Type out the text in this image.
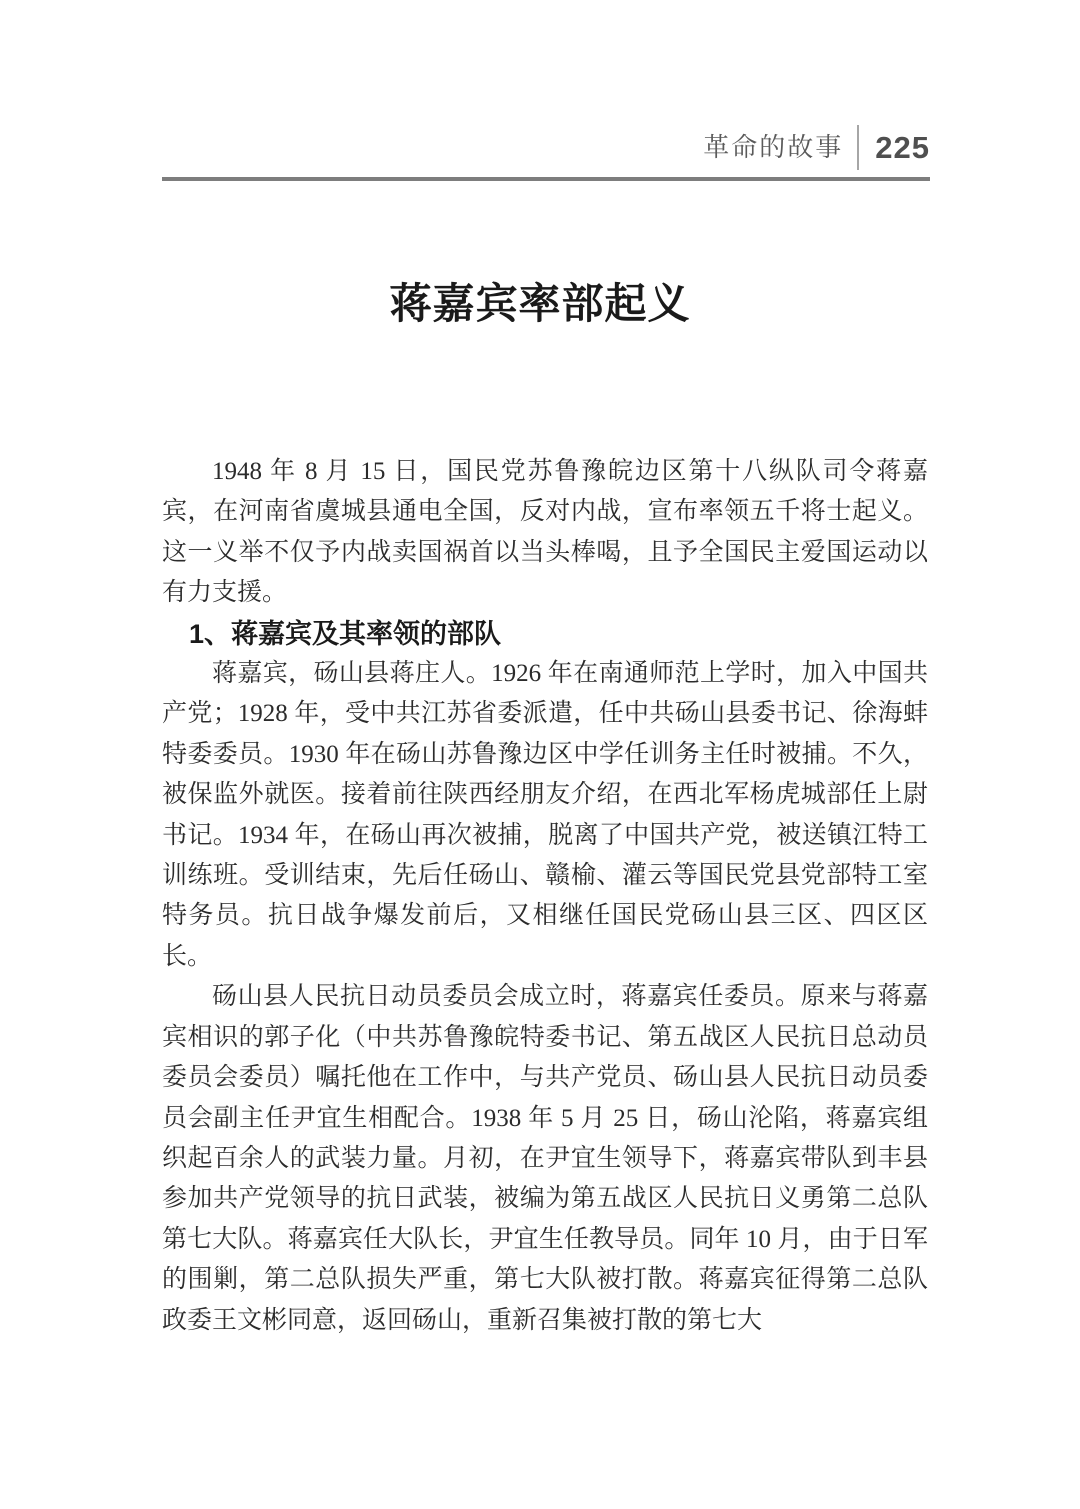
革命的故事 225
蒋嘉宾率部起义

1948 年 8 月 15 日，国民党苏鲁豫皖边区第十八纵队司令蒋嘉宾，在河南省虞城县通电全国，反对内战，宣布率领五千将士起义。这一义举不仅予内战卖国祸首以当头棒喝，且予全国民主爱国运动以有力支援。

1、蒋嘉宾及其率领的部队

蒋嘉宾，砀山县蒋庄人。1926 年在南通师范上学时，加入中国共产党；1928 年，受中共江苏省委派遣，任中共砀山县委书记、徐海蚌特委委员。1930 年在砀山苏鲁豫边区中学任训务主任时被捕。不久，被保监外就医。接着前往陕西经朋友介绍，在西北军杨虎城部任上尉书记。1934 年，在砀山再次被捕，脱离了中国共产党，被送镇江特工训练班。受训结束，先后任砀山、赣榆、灌云等国民党县党部特工室特务员。抗日战争爆发前后，又相继任国民党砀山县三区、四区区长。

砀山县人民抗日动员委员会成立时，蒋嘉宾任委员。原来与蒋嘉宾相识的郭子化（中共苏鲁豫皖特委书记、第五战区人民抗日总动员委员会委员）嘱托他在工作中，与共产党员、砀山县人民抗日动员委员会副主任尹宜生相配合。1938 年 5 月 25 日，砀山沦陷，蒋嘉宾组织起百余人的武装力量。月初，在尹宜生领导下，蒋嘉宾带队到丰县参加共产党领导的抗日武装，被编为第五战区人民抗日义勇第二总队第七大队。蒋嘉宾任大队长，尹宜生任教导员。同年 10 月，由于日军的围剿，第二总队损失严重，第七大队被打散。蒋嘉宾征得第二总队政委王文彬同意，返回砀山，重新召集被打散的第七大
